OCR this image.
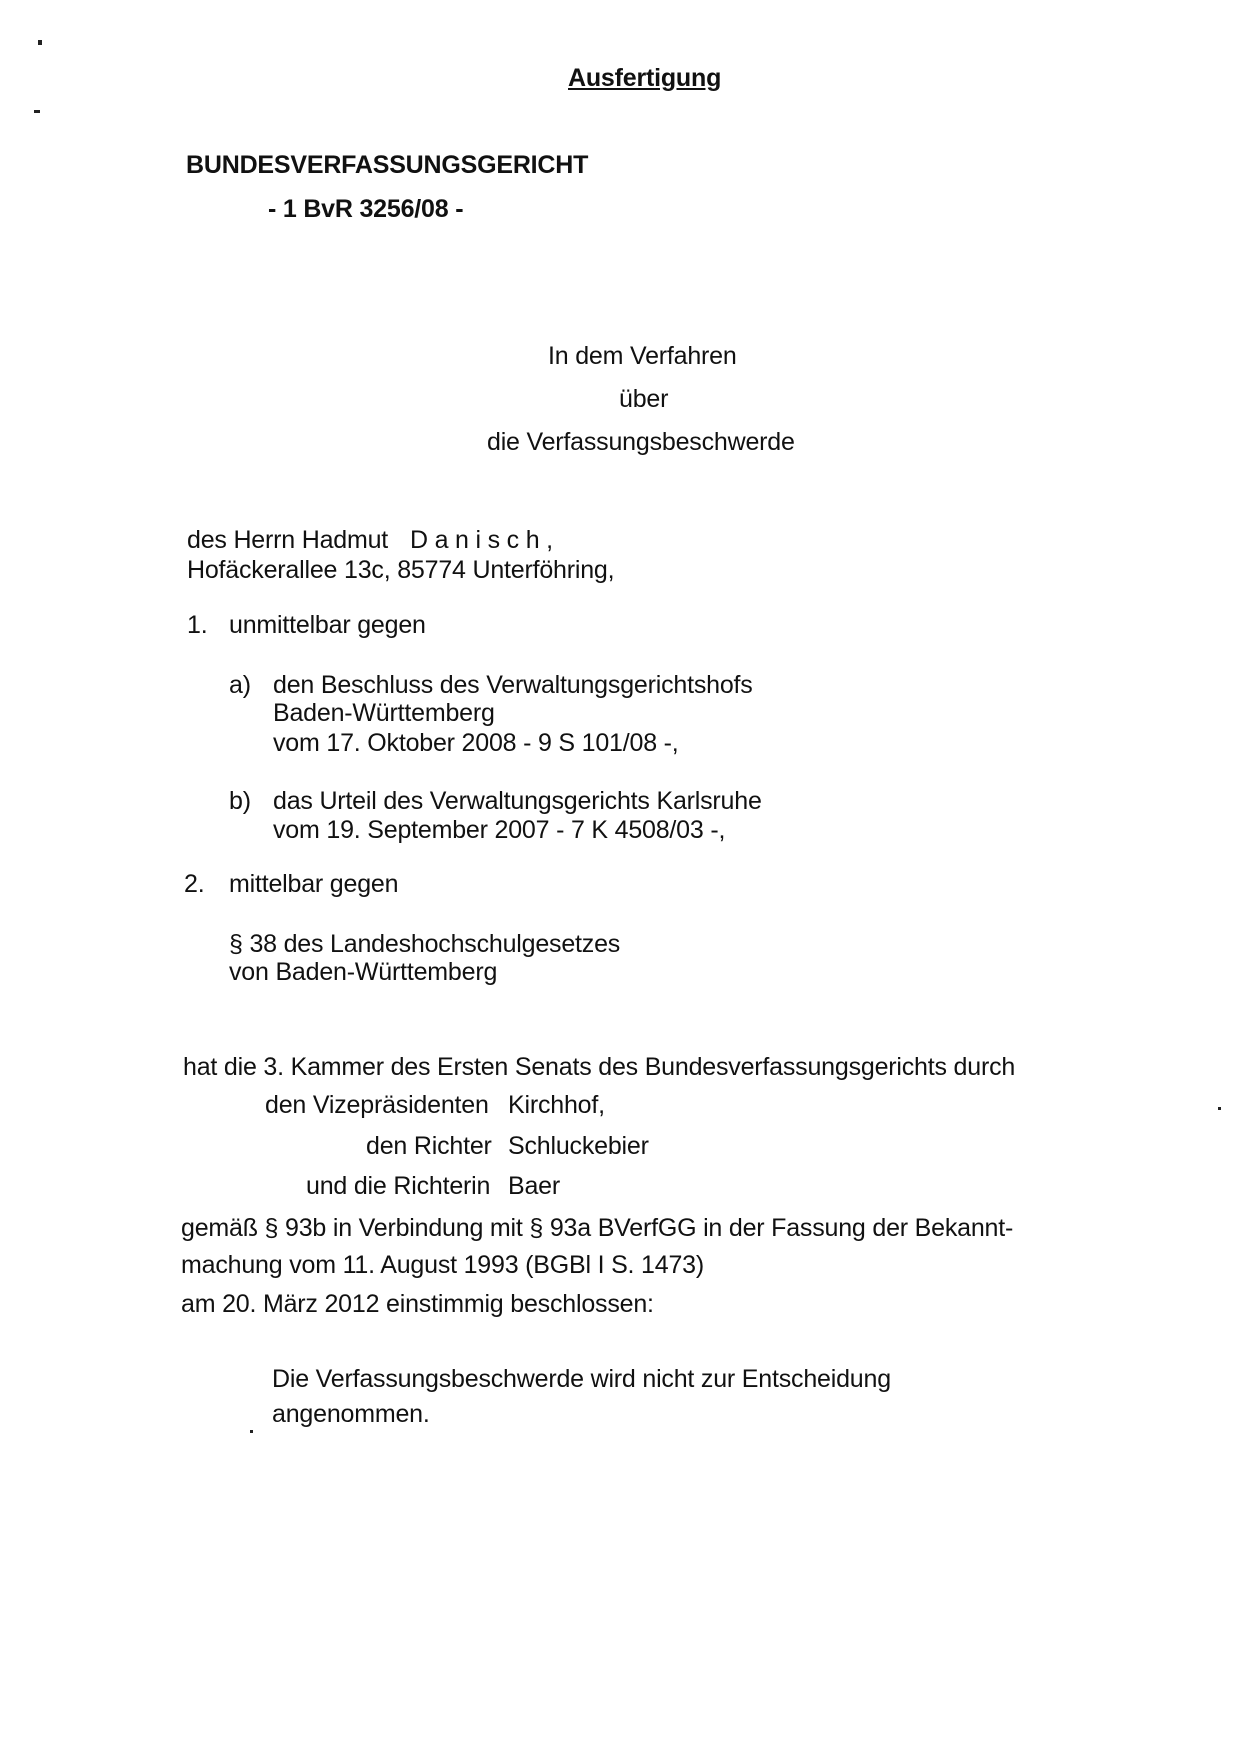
Ausfertigung
BUNDESVERFASSUNGSGERICHT
- 1 BvR 3256/08 -
In dem Verfahren
über
die Verfassungsbeschwerde
des Herrn Hadmut D a n i s c h ,
Hofäckerallee 13c, 85774 Unterföhring,
1. unmittelbar gegen
a) den Beschluss des Verwaltungsgerichtshofs
Baden-Württemberg
vom 17. Oktober 2008 - 9 S 101/08 -,
b) das Urteil des Verwaltungsgerichts Karlsruhe
vom 19. September 2007 - 7 K 4508/03 -,
2. mittelbar gegen
§ 38 des Landeshochschulgesetzes
von Baden-Württemberg
hat die 3. Kammer des Ersten Senats des Bundesverfassungsgerichts durch
den Vizepräsidenten Kirchhof,
den Richter Schluckebier
und die Richterin Baer
gemäß § 93b in Verbindung mit § 93a BVerfGG in der Fassung der Bekannt-
machung vom 11. August 1993 (BGBl I S. 1473)
am 20. März 2012 einstimmig beschlossen:
Die Verfassungsbeschwerde wird nicht zur Entscheidung
angenommen.
